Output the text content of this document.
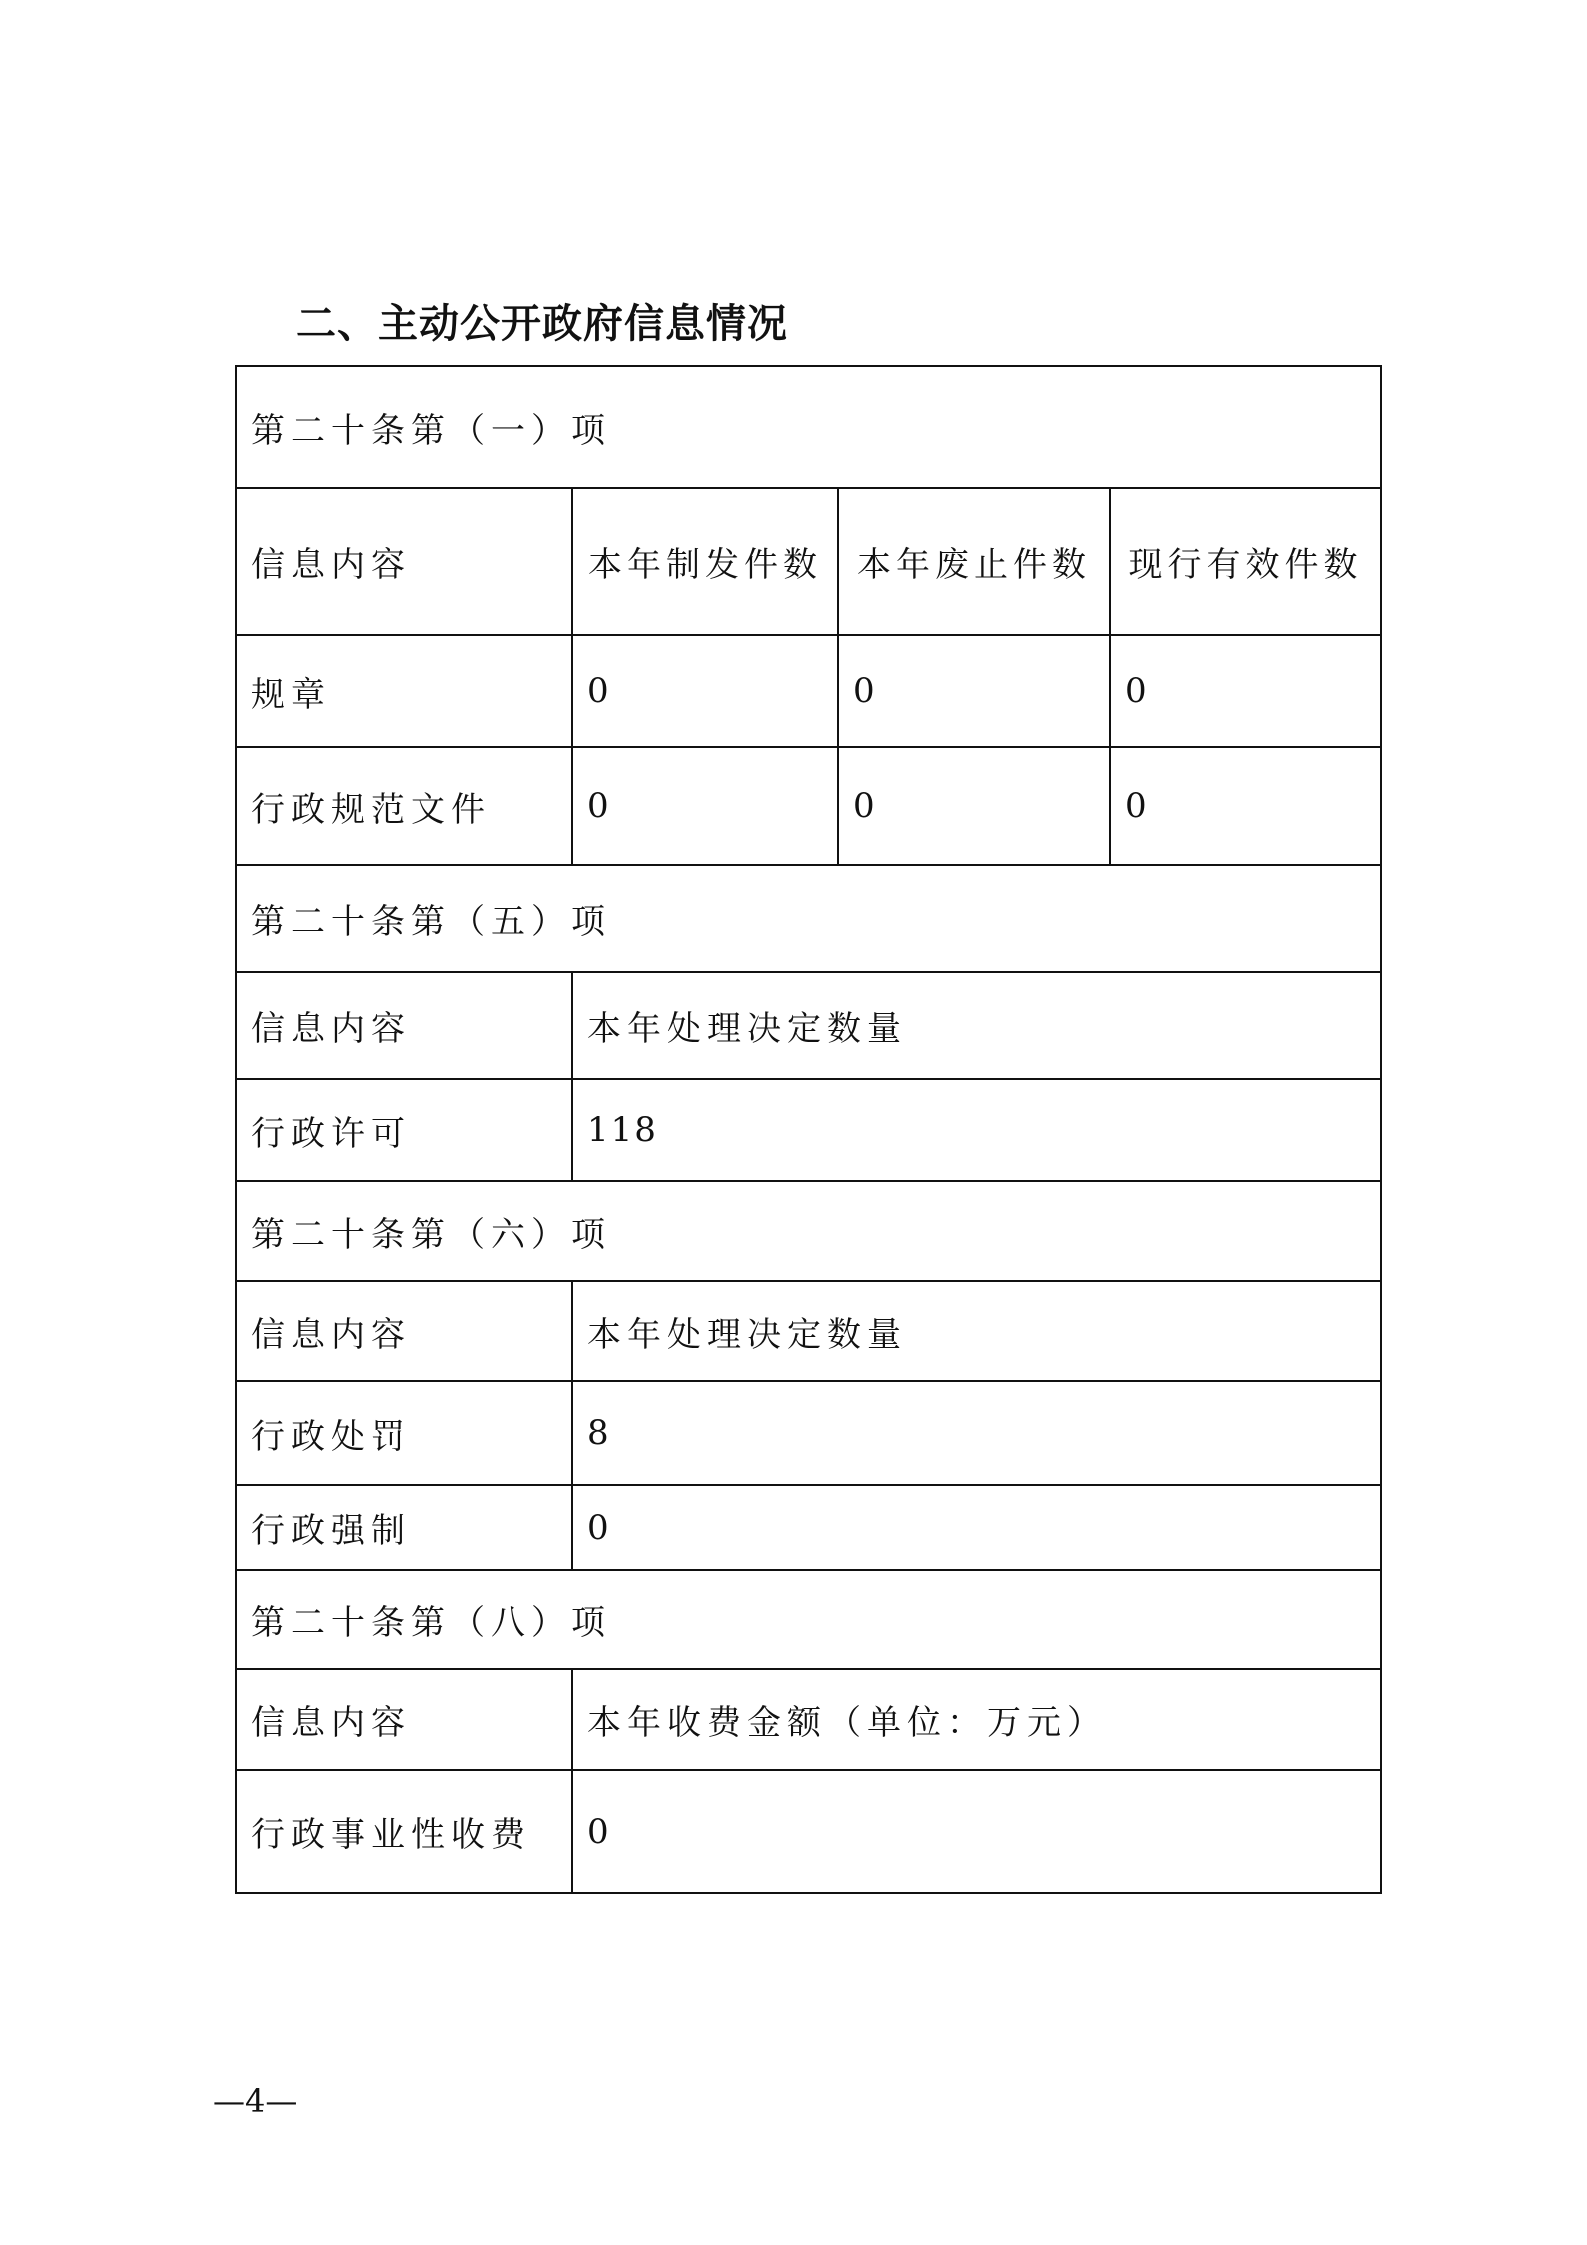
二、主动公开政府信息情况
第二十条第（一）项			
信息内容	本年制发件数	本年废止件数	现行有效件数
规章	0	0	0
行政规范文件	0	0	0
第二十条第（五）项			
信息内容	本年处理决定数量		
行政许可	118		
第二十条第（六）项			
信息内容	本年处理决定数量		
行政处罚	8		
行政强制	0		
第二十条第（八）项			
信息内容	本年收费金额（单位：万元）		
行政事业性收费	0		
—4—
